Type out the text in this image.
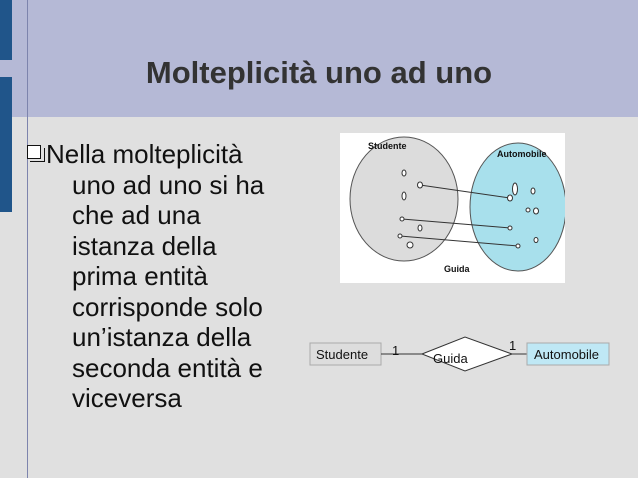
Molteplicità uno ad uno

Nella molteplicità
uno ad uno si ha
che ad una
istanza della
prima entità
corrisponde solo
un’istanza della
seconda entità e
viceversa

Studente
Automobile
Guida
Studente	Guida	Automobile
1	1
